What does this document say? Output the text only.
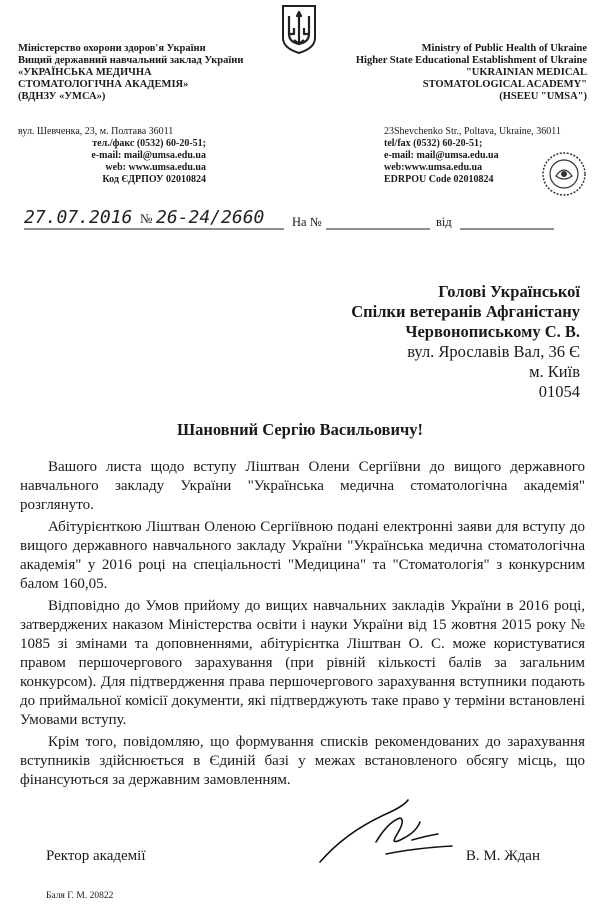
Міністерство охорони здоров'я України
Вищий державний навчальний заклад України
«УКРАЇНСЬКА МЕДИЧНА
СТОМАТОЛОГІЧНА АКАДЕМІЯ»
(ВДНЗУ «УМСА»)
Ministry of Public Health of Ukraine
Higher State Educational Establishment of Ukraine
"UKRAINIAN MEDICAL
STOMATOLOGICAL ACADEMY"
(HSEEU "UMSA")
вул. Шевченка, 23, м. Полтава 36011
тел./факс (0532) 60-20-51;
e-mail: mail@umsa.edu.ua
web: www.umsa.edu.ua
Код ЄДРПОУ 02010824
23Shevchenko Str., Poltava, Ukraine, 36011
tel/fax (0532) 60-20-51;
e-mail: mail@umsa.edu.ua
web:www.umsa.edu.ua
EDRPOU Code 02010824
27.07.2016 № 26-24/2660 На №	від
Голові Української
Спілки ветеранів Афганістану
Червонопиському С. В.
вул. Ярославів Вал, 36 Є
м. Київ
01054
Шановний Сергію Васильовичу!

Вашого листа щодо вступу Ліштван Олени Сергіївни до вищого державного навчального закладу України "Українська медична стоматологічна академія" розглянуто.

Абітурієнткою Ліштван Оленою Сергіївною подані електронні заяви для вступу до вищого державного навчального закладу України "Українська медична стоматологічна академія" у 2016 році на спеціальності "Медицина" та "Стоматологія" з конкурсним балом 160,05.

Відповідно до Умов прийому до вищих навчальних закладів України в 2016 році, затверджених наказом Міністерства освіти і науки України від 15 жовтня 2015 року № 1085 зі змінами та доповненнями, абітурієнтка Ліштван О. С. може користуватися правом першочергового зарахування (при рівній кількості балів за загальним конкурсом). Для підтвердження права першочергового зарахування вступники подають до приймальної комісії документи, які підтверджують таке право у терміни встановлені Умовами вступу.

Крім того, повідомляю, що формування списків рекомендованих до зарахування вступників здійснюється в Єдиній базі у межах встановленого обсягу місць, що фінансуються за державним замовленням.

Ректор академії	В. М. Ждан
Баля Г. М. 20822
